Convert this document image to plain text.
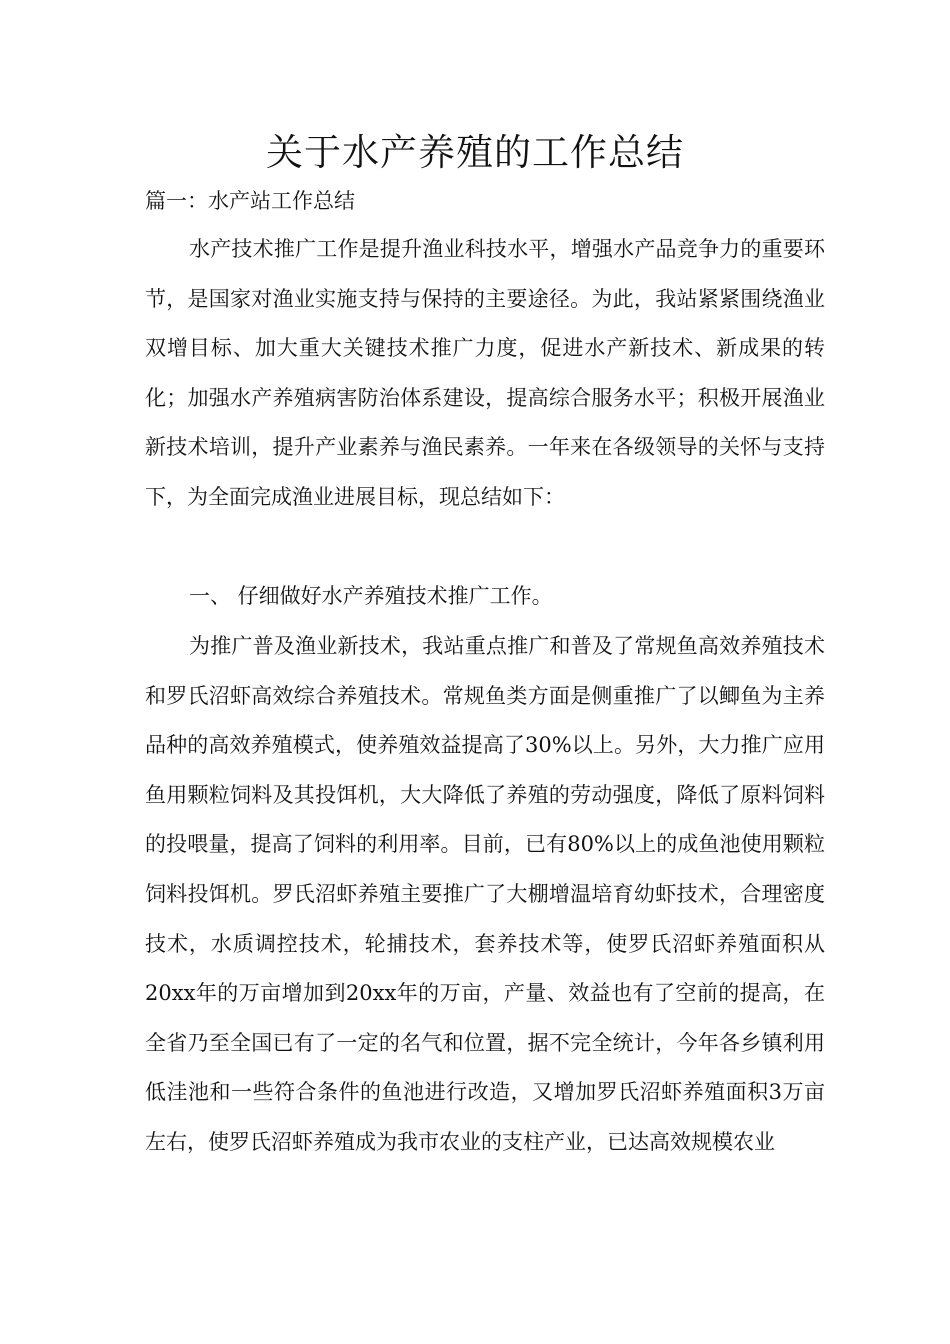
关于水产养殖的工作总结

篇一：水产站工作总结

水产技术推广工作是提升渔业科技水平，增强水产品竞争力的重要环节，是国家对渔业实施支持与保持的主要途径。为此，我站紧紧围绕渔业双增目标、加大重大关键技术推广力度，促进水产新技术、新成果的转化；加强水产养殖病害防治体系建设，提高综合服务水平；积极开展渔业新技术培训，提升产业素养与渔民素养。一年来在各级领导的关怀与支持下，为全面完成渔业进展目标，现总结如下：

一、 仔细做好水产养殖技术推广工作。

为推广普及渔业新技术，我站重点推广和普及了常规鱼高效养殖技术和罗氏沼虾高效综合养殖技术。常规鱼类方面是侧重推广了以鲫鱼为主养品种的高效养殖模式，使养殖效益提高了30%以上。另外，大力推广应用鱼用颗粒饲料及其投饵机，大大降低了养殖的劳动强度，降低了原料饲料的投喂量，提高了饲料的利用率。目前，已有80%以上的成鱼池使用颗粒饲料投饵机。罗氏沼虾养殖主要推广了大棚增温培育幼虾技术，合理密度技术，水质调控技术，轮捕技术，套养技术等，使罗氏沼虾养殖面积从20xx年的万亩增加到20xx年的万亩，产量、效益也有了空前的提高，在全省乃至全国已有了一定的名气和位置，据不完全统计，今年各乡镇利用低洼池和一些符合条件的鱼池进行改造，又增加罗氏沼虾养殖面积3万亩左右，使罗氏沼虾养殖成为我市农业的支柱产业，已达高效规模农业
